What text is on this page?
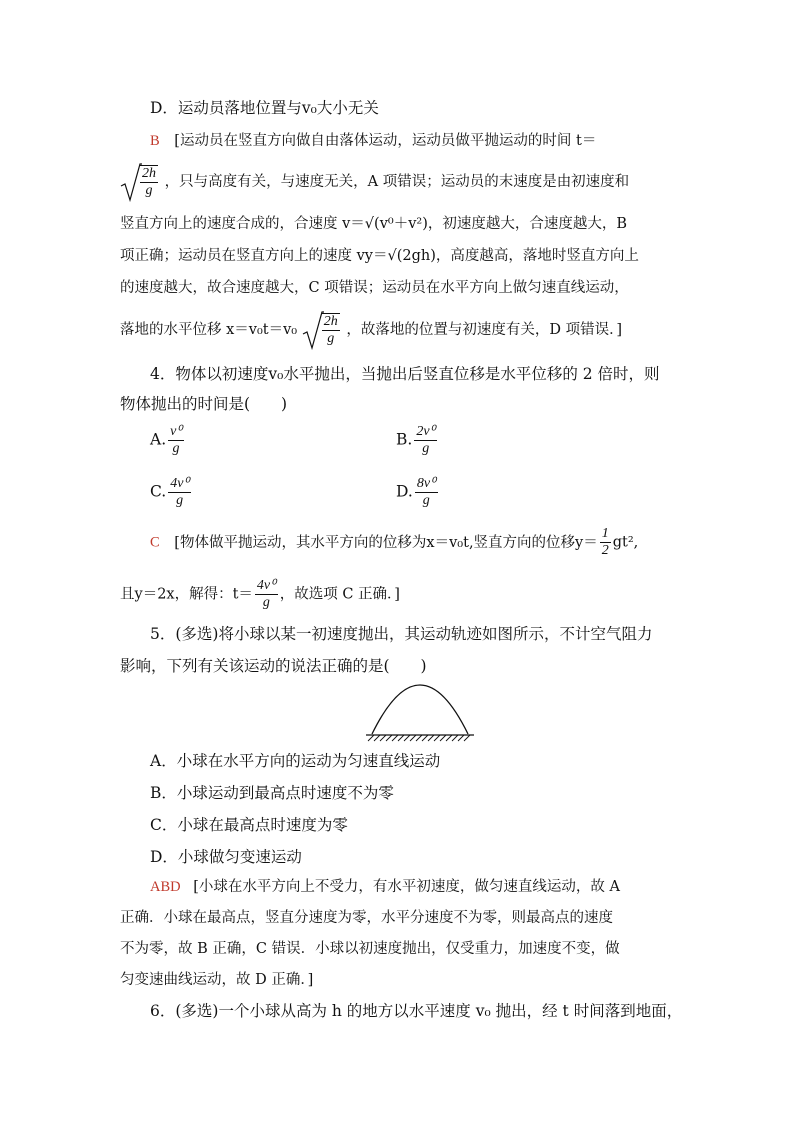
D．运动员落地位置与v₀大小无关
B [运动员在竖直方向做自由落体运动，运动员做平抛运动的时间 t＝
$\frac{2h}{g}$ ，只与高度有关，与速度无关，A 项错误；运动员的末速度是由初速度和
竖直方向上的速度合成的，合速度 v＝√(v⁰＋v²)，初速度越大，合速度越大，B
项正确；运动员在竖直方向上的速度 vy＝√(2gh)，高度越高，落地时竖直方向上
的速度越大，故合速度越大，C 项错误；运动员在水平方向上做匀速直线运动，
落地的水平位移 $x=v_0t=v_0 \frac{2h}{g}$ ，故落地的位置与初速度有关，D 项错误．]
4．物体以初速度v₀水平抛出，当抛出后竖直位移是水平位移的 2 倍时，则
物体抛出的时间是(　　)
A. $\frac{\text{v⁰}}{g}$	B. $\frac{\text{2v⁰}}{g}$
C. $\frac{\text{4v⁰}}{g}$	D. $\frac{\text{8v⁰}}{g}$
C [物体做平抛运动，其水平方向的位移为x＝v₀t,竖直方向的位移$y= \frac{1}{2} gt^2$,
且y＝2x，解得：$t= \frac{\text{4v⁰}}{g}$ ，故选项 C 正确．]
5．(多选)将小球以某一初速度抛出，其运动轨迹如图所示，不计空气阻力
影响，下列有关该运动的说法正确的是(　　)
A．小球在水平方向的运动为匀速直线运动
B．小球运动到最高点时速度不为零
C．小球在最高点时速度为零
D．小球做匀变速运动
ABD [小球在水平方向上不受力，有水平初速度，做匀速直线运动，故 A
正确．小球在最高点，竖直分速度为零，水平分速度不为零，则最高点的速度
不为零，故 B 正确，C 错误．小球以初速度抛出，仅受重力，加速度不变，做
匀变速曲线运动，故 D 正确．]
6．(多选)一个小球从高为 h 的地方以水平速度 v₀ 抛出，经 t 时间落到地面，
